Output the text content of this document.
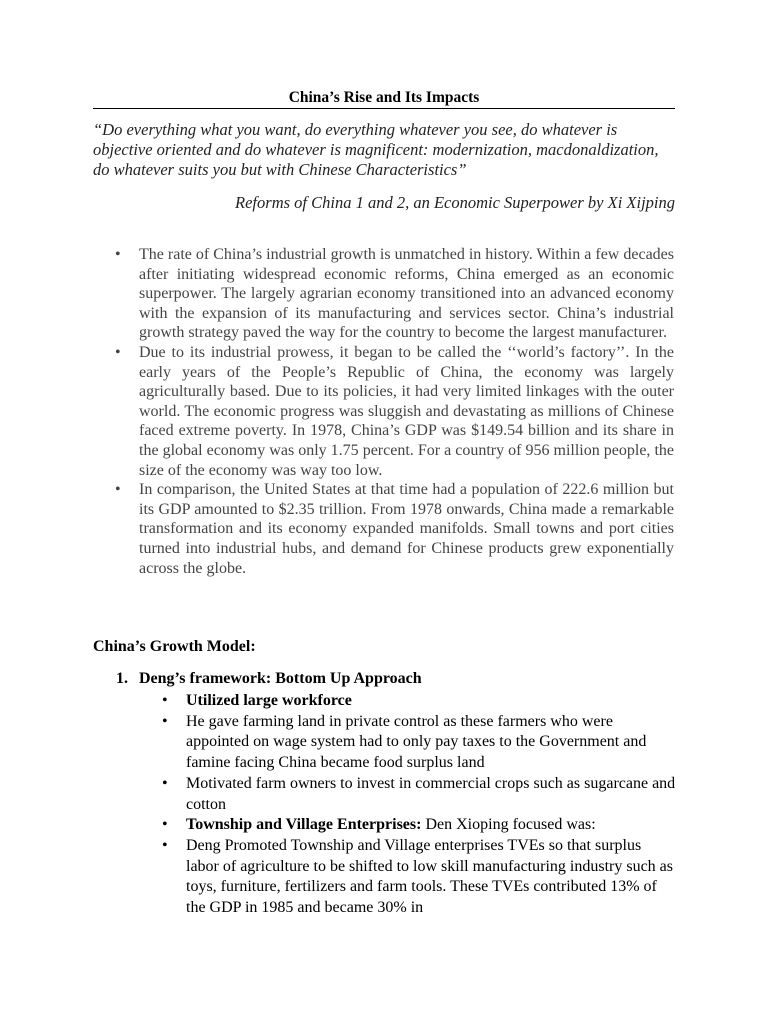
China’s Rise and Its Impacts
“Do everything what you want, do everything whatever you see, do whatever is objective oriented and do whatever is magnificent: modernization, macdonaldization, do whatever suits you but with Chinese Characteristics”
Reforms of China 1 and 2, an Economic Superpower by Xi Xijping
• The rate of China’s industrial growth is unmatched in history. Within a few decades after initiating widespread economic reforms, China emerged as an economic superpower. The largely agrarian economy transitioned into an advanced economy with the expansion of its manufacturing and services sector. China’s industrial growth strategy paved the way for the country to become the largest manufacturer.
• Due to its industrial prowess, it began to be called the ‘‘world’s factory’’. In the early years of the People’s Republic of China, the economy was largely agriculturally based. Due to its policies, it had very limited linkages with the outer world. The economic progress was sluggish and devastating as millions of Chinese faced extreme poverty. In 1978, China’s GDP was $149.54 billion and its share in the global economy was only 1.75 percent. For a country of 956 million people, the size of the economy was way too low.
• In comparison, the United States at that time had a population of 222.6 million but its GDP amounted to $2.35 trillion. From 1978 onwards, China made a remarkable transformation and its economy expanded manifolds. Small towns and port cities turned into industrial hubs, and demand for Chinese products grew exponentially across the globe.
China’s Growth Model:
1. Deng’s framework: Bottom Up Approach
• Utilized large workforce
• He gave farming land in private control as these farmers who were appointed on wage system had to only pay taxes to the Government and famine facing China became food surplus land
• Motivated farm owners to invest in commercial crops such as sugarcane and cotton
• Township and Village Enterprises: Den Xioping focused was:
• Deng Promoted Township and Village enterprises TVEs so that surplus labor of agriculture to be shifted to low skill manufacturing industry such as toys, furniture, fertilizers and farm tools. These TVEs contributed 13% of the GDP in 1985 and became 30% in
